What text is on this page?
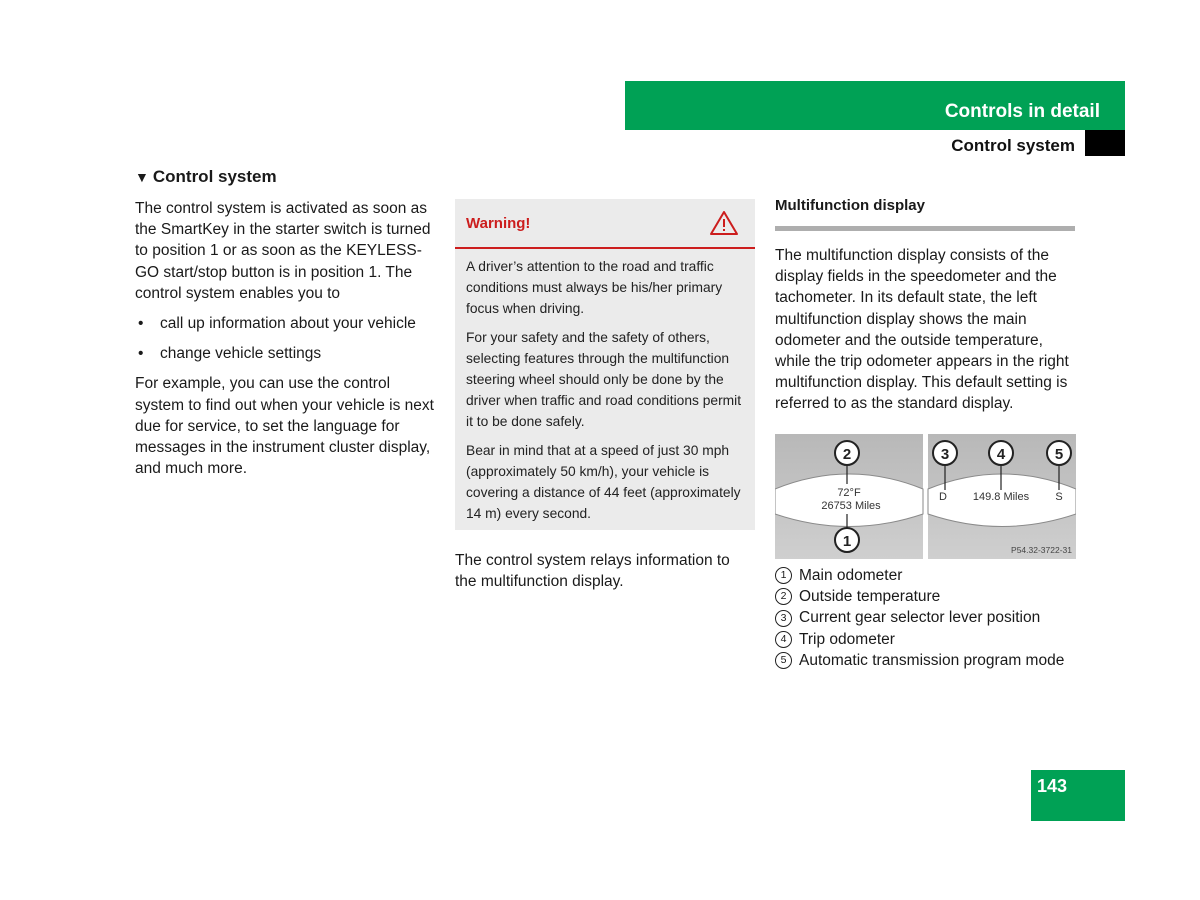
Controls in detail

Control system

▼ Control system

The control system is activated as soon as the SmartKey in the starter switch is turned to position 1 or as soon as the KEYLESS-GO start/stop button is in position 1. The control system enables you to

• call up information about your vehicle
• change vehicle settings

For example, you can use the control system to find out when your vehicle is next due for service, to set the language for messages in the instrument cluster display, and much more.

Warning!

A driver’s attention to the road and traffic conditions must always be his/her primary focus when driving.

For your safety and the safety of others, selecting features through the multifunction steering wheel should only be done by the driver when traffic and road conditions permit it to be done safely.

Bear in mind that at a speed of just 30 mph (approximately 50 km/h), your vehicle is covering a distance of 44 feet (approximately 14 m) every second.

The control system relays information to the multifunction display.

Multifunction display

The multifunction display consists of the display fields in the speedometer and the tachometer. In its default state, the left multifunction display shows the main odometer and the outside temperature, while the trip odometer appears in the right multifunction display. This default setting is referred to as the standard display.

72°F
26753 Miles
2
1
D 149.8 Miles S
3	4	5
P54.32-3722-31
1 Main odometer
2 Outside temperature
3 Current gear selector lever position
4 Trip odometer
5 Automatic transmission program mode

143
